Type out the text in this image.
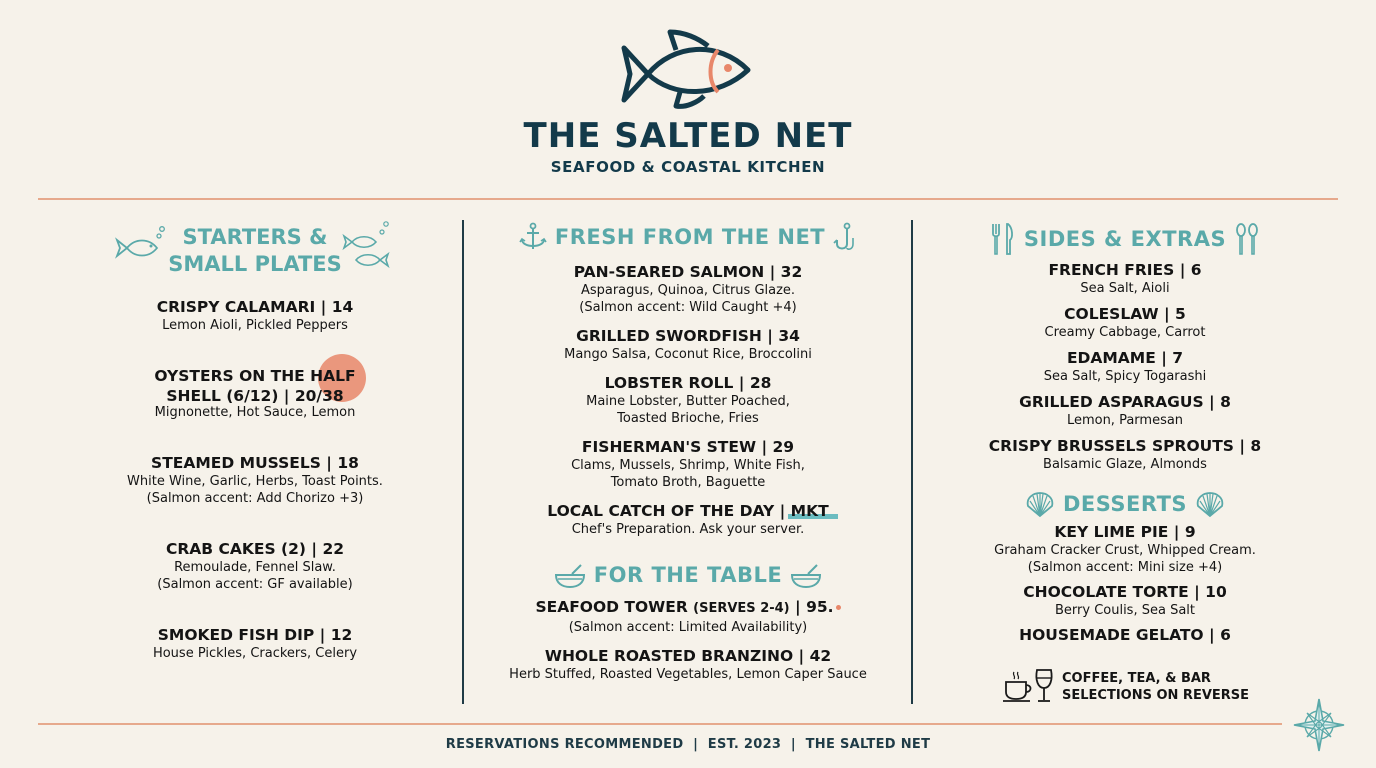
THE SALTED NET
SEAFOOD & COASTAL KITCHEN
STARTERS &
SMALL PLATES
CRISPY CALAMARI | 14
Lemon Aioli, Pickled Peppers
OYSTERS ON THE HALF
SHELL (6/12) | 20/38
Mignonette, Hot Sauce, Lemon
STEAMED MUSSELS | 18
White Wine, Garlic, Herbs, Toast Points.
(Salmon accent: Add Chorizo +3)
CRAB CAKES (2) | 22
Remoulade, Fennel Slaw.
(Salmon accent: GF available)
SMOKED FISH DIP | 12
House Pickles, Crackers, Celery
FRESH FROM THE NET
PAN-SEARED SALMON | 32
Asparagus, Quinoa, Citrus Glaze.
(Salmon accent: Wild Caught +4)
GRILLED SWORDFISH | 34
Mango Salsa, Coconut Rice, Broccolini
LOBSTER ROLL | 28
Maine Lobster, Butter Poached,
Toasted Brioche, Fries
FISHERMAN'S STEW | 29
Clams, Mussels, Shrimp, White Fish,
Tomato Broth, Baguette
LOCAL CATCH OF THE DAY | MKT
Chef's Preparation. Ask your server.
FOR THE TABLE
SEAFOOD TOWER (SERVES 2-4) | 95.
(Salmon accent: Limited Availability)
WHOLE ROASTED BRANZINO | 42
Herb Stuffed, Roasted Vegetables, Lemon Caper Sauce
SIDES & EXTRAS
FRENCH FRIES | 6
Sea Salt, Aioli
COLESLAW | 5
Creamy Cabbage, Carrot
EDAMAME | 7
Sea Salt, Spicy Togarashi
GRILLED ASPARAGUS | 8
Lemon, Parmesan
CRISPY BRUSSELS SPROUTS | 8
Balsamic Glaze, Almonds
DESSERTS
KEY LIME PIE | 9
Graham Cracker Crust, Whipped Cream.
(Salmon accent: Mini size +4)
CHOCOLATE TORTE | 10
Berry Coulis, Sea Salt
HOUSEMADE GELATO | 6
COFFEE, TEA, & BAR
SELECTIONS ON REVERSE
RESERVATIONS RECOMMENDED  |  EST. 2023  |  THE SALTED NET
